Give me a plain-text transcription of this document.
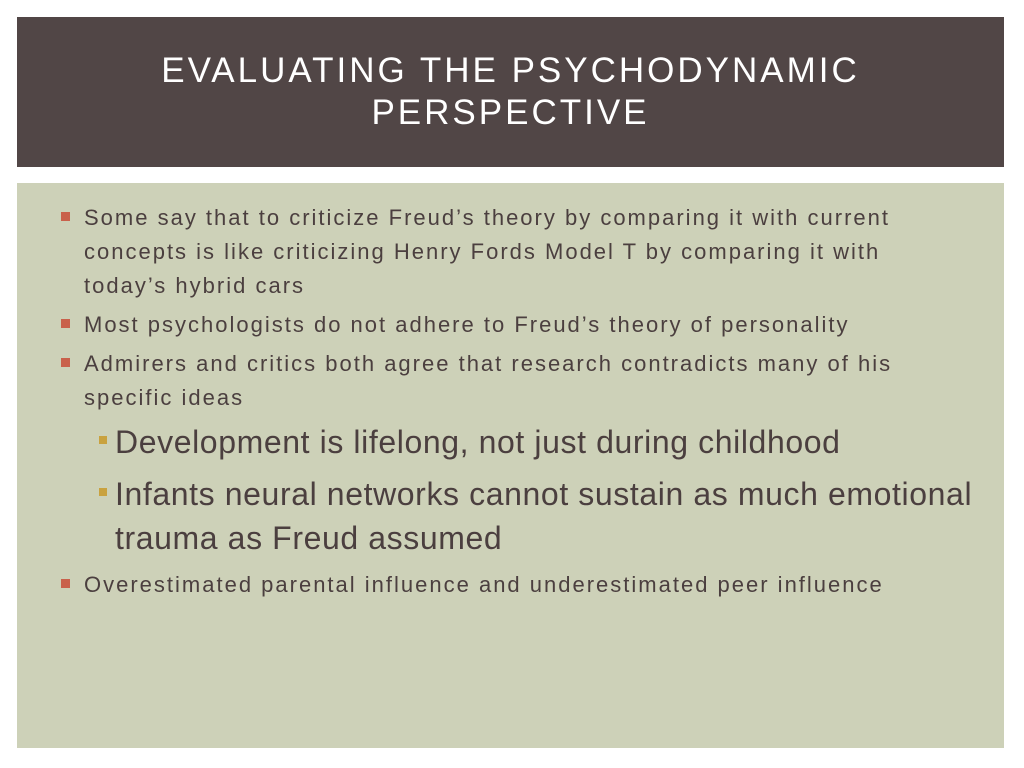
EVALUATING THE PSYCHODYNAMIC PERSPECTIVE
Some say that to criticize Freud’s theory by comparing it with current concepts is like criticizing Henry Fords Model T by comparing it with today’s hybrid cars
Most psychologists do not adhere to Freud’s theory of personality
Admirers and critics both agree that research contradicts many of his specific ideas
Development is lifelong, not just during childhood
Infants neural networks cannot sustain as much emotional trauma as Freud assumed
Overestimated parental influence and underestimated peer influence
